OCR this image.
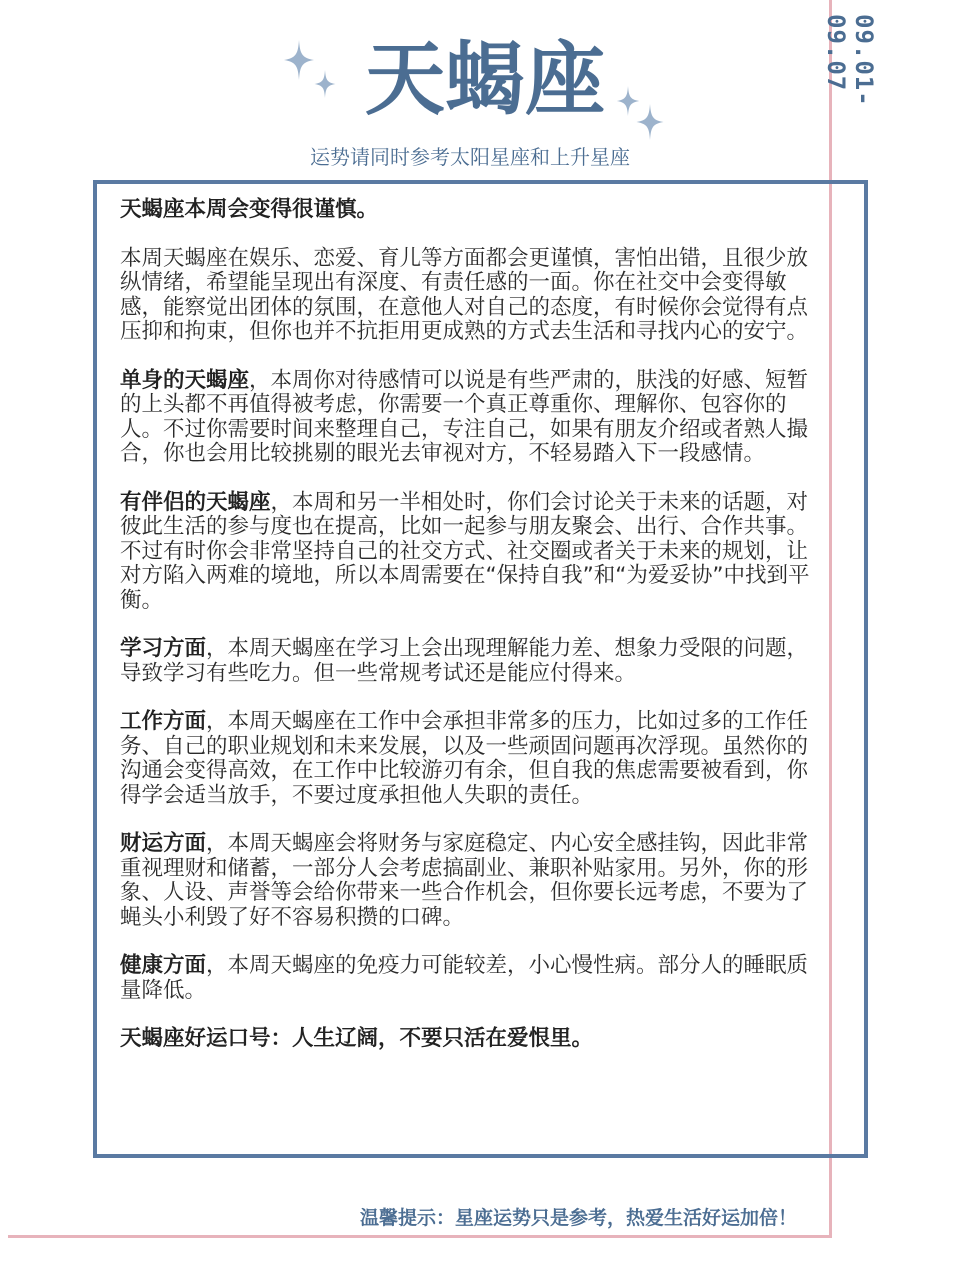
09.01-09.07
天蝎座
运势请同时参考太阳星座和上升星座

天蝎座本周会变得很谨慎。

本周天蝎座在娱乐、恋爱、育儿等方面都会更谨慎，害怕出错，且很少放纵情绪，希望能呈现出有深度、有责任感的一面。你在社交中会变得敏感，能察觉出团体的氛围，在意他人对自己的态度，有时候你会觉得有点压抑和拘束，但你也并不抗拒用更成熟的方式去生活和寻找内心的安宁。

单身的天蝎座，本周你对待感情可以说是有些严肃的，肤浅的好感、短暂的上头都不再值得被考虑，你需要一个真正尊重你、理解你、包容你的人。不过你需要时间来整理自己，专注自己，如果有朋友介绍或者熟人撮合，你也会用比较挑剔的眼光去审视对方，不轻易踏入下一段感情。

有伴侣的天蝎座，本周和另一半相处时，你们会讨论关于未来的话题，对彼此生活的参与度也在提高，比如一起参与朋友聚会、出行、合作共事。不过有时你会非常坚持自己的社交方式、社交圈或者关于未来的规划，让对方陷入两难的境地，所以本周需要在“保持自我”和“为爱妥协”中找到平衡。

学习方面，本周天蝎座在学习上会出现理解能力差、想象力受限的问题，导致学习有些吃力。但一些常规考试还是能应付得来。

工作方面，本周天蝎座在工作中会承担非常多的压力，比如过多的工作任务、自己的职业规划和未来发展，以及一些顽固问题再次浮现。虽然你的沟通会变得高效，在工作中比较游刃有余，但自我的焦虑需要被看到，你得学会适当放手，不要过度承担他人失职的责任。

财运方面，本周天蝎座会将财务与家庭稳定、内心安全感挂钩，因此非常重视理财和储蓄，一部分人会考虑搞副业、兼职补贴家用。另外，你的形象、人设、声誉等会给你带来一些合作机会，但你要长远考虑，不要为了蝇头小利毁了好不容易积攒的口碑。

健康方面，本周天蝎座的免疫力可能较差，小心慢性病。部分人的睡眠质量降低。

天蝎座好运口号：人生辽阔，不要只活在爱恨里。

温馨提示：星座运势只是参考，热爱生活好运加倍！
